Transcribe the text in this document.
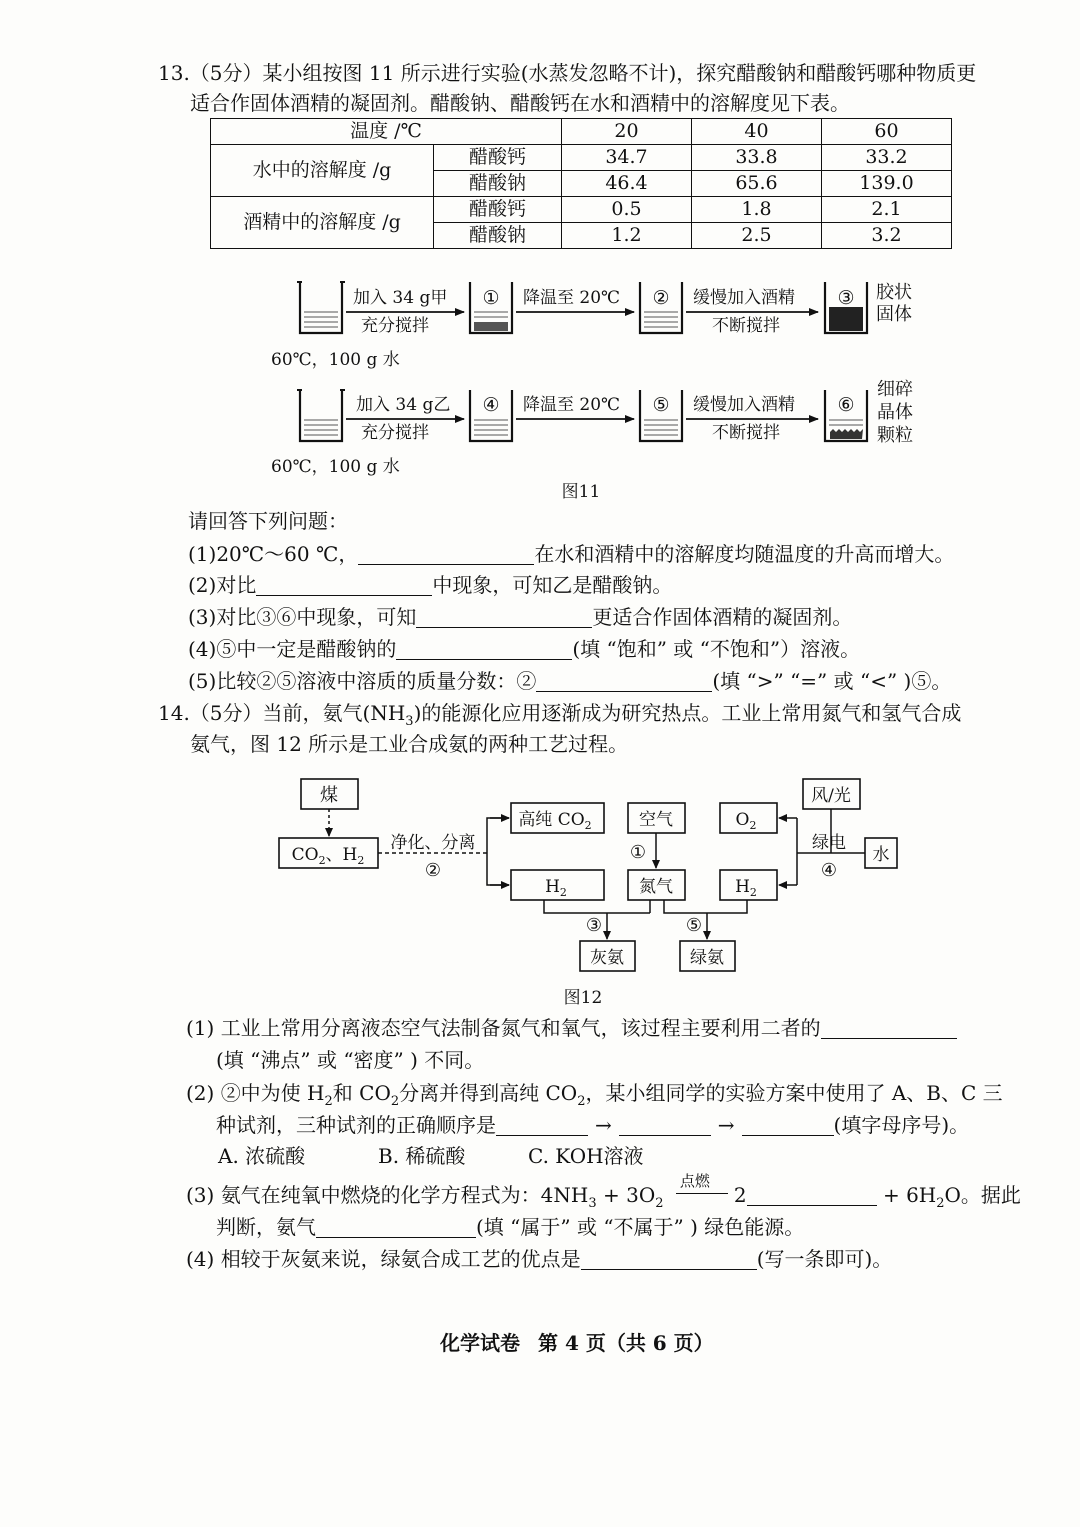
13.（5分）某小组按图 11 所示进行实验(水蒸发忽略不计)，探究醋酸钠和醋酸钙哪种物质更
适合作固体酒精的凝固剂。醋酸钠、醋酸钙在水和酒精中的溶解度见下表。
温度 /℃		20	40	60
水中的溶解度 /g	醋酸钙	34.7	33.8	33.2
	醋酸钠	46.4	65.6	139.0
酒精中的溶解度 /g	醋酸钙	0.5	1.8	2.1
	醋酸钠	1.2	2.5	3.2
加入 34 g甲
充分搅拌
① 降温至 20℃ ② 缓慢加入酒精
不断搅拌
③ 胶状
固体
60℃，100 g 水
加入 34 g乙
充分搅拌
④ 降温至 20℃ ⑤ 缓慢加入酒精
不断搅拌
⑥
细碎
晶体
颗粒
60℃，100 g 水
图11
请回答下列问题：
(1)20℃～60 ℃，	在水和酒精中的溶解度均随温度的升高而增大。
(2)对比	中现象，可知乙是醋酸钠。
(3)对比③⑥中现象，可知	更适合作固体酒精的凝固剂。
(4)⑤中一定是醋酸钠的	(填 “饱和” 或 “不饱和”）溶液。
(5)比较②⑤溶液中溶质的质量分数：②	(填 “>” “=” 或 “<” )⑤。
14.（5分）当前，氨气$(NH_3)$的能源化应用逐渐成为研究热点。工业上常用氮气和氢气合成
氨气，图 12 所示是工业合成氨的两种工艺过程。
煤
$CO_2$、$H_2$
净化、分离
②
高纯 $CO_2$	空气
①
$O_2$
风/光
绿电
④
水
$H_2$	氮气	$H_2$
③	⑤
灰氨	绿氨
图12
(1) 工业上常用分离液态空气法制备氮气和氧气，该过程主要利用二者的
(填 “沸点” 或 “密度” ) 不同。
(2) ②中为使 $H_2$和 $CO_2$分离并得到高纯 $CO_2$，某小组同学的实验方案中使用了 A、B、C 三
种试剂，三种试剂的正确顺序是	→	→	(填字母序号)。
A. 浓硫酸	B. 稀硫酸	C. KOH溶液
(3) 氨气在纯氧中燃烧的化学方程式为：$4NH_3 + 3O_2$
点燃
2	+ $6H_2O$。据此
判断，氨气	(填 “属于” 或 “不属于” ) 绿色能源。
(4) 相较于灰氨来说，绿氨合成工艺的优点是	(写一条即可)。
化学试卷 第 4 页（共 6 页）
